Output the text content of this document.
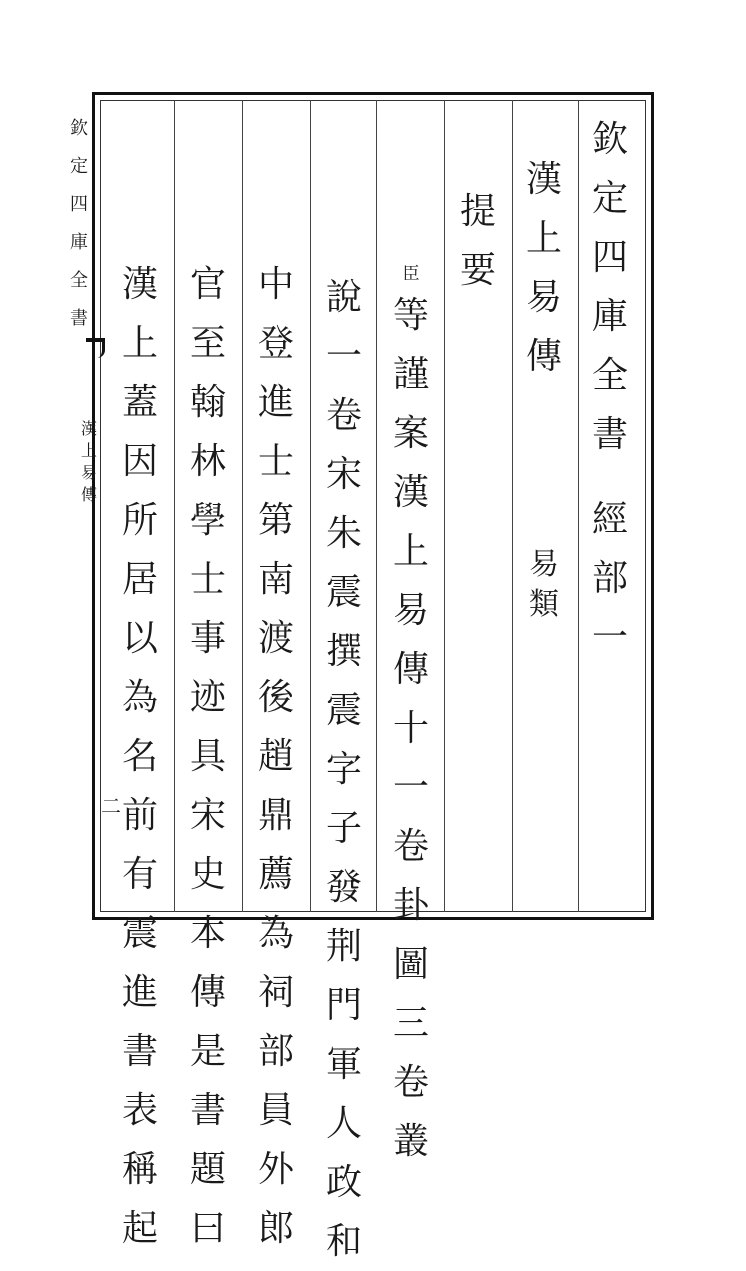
欽
定
四
庫
全
書
漢
上
易
傳
二
欽
定
四
庫
全
書
經
部
一
漢
上
易
傳
易
類
提
要
臣
等
謹
案
漢
上
易
傳
十
一
卷
卦
圖
三
卷
叢
說
一
卷
宋
朱
震
撰
震
字
子
發
荆
門
軍
人
政
和
中
登
進
士
第
南
渡
後
趙
鼎
薦
為
祠
部
員
外
郎
官
至
翰
林
學
士
事
迹
具
宋
史
本
傳
是
書
題
曰
漢
上
蓋
因
所
居
以
為
名
前
有
震
進
書
表
稱
起
